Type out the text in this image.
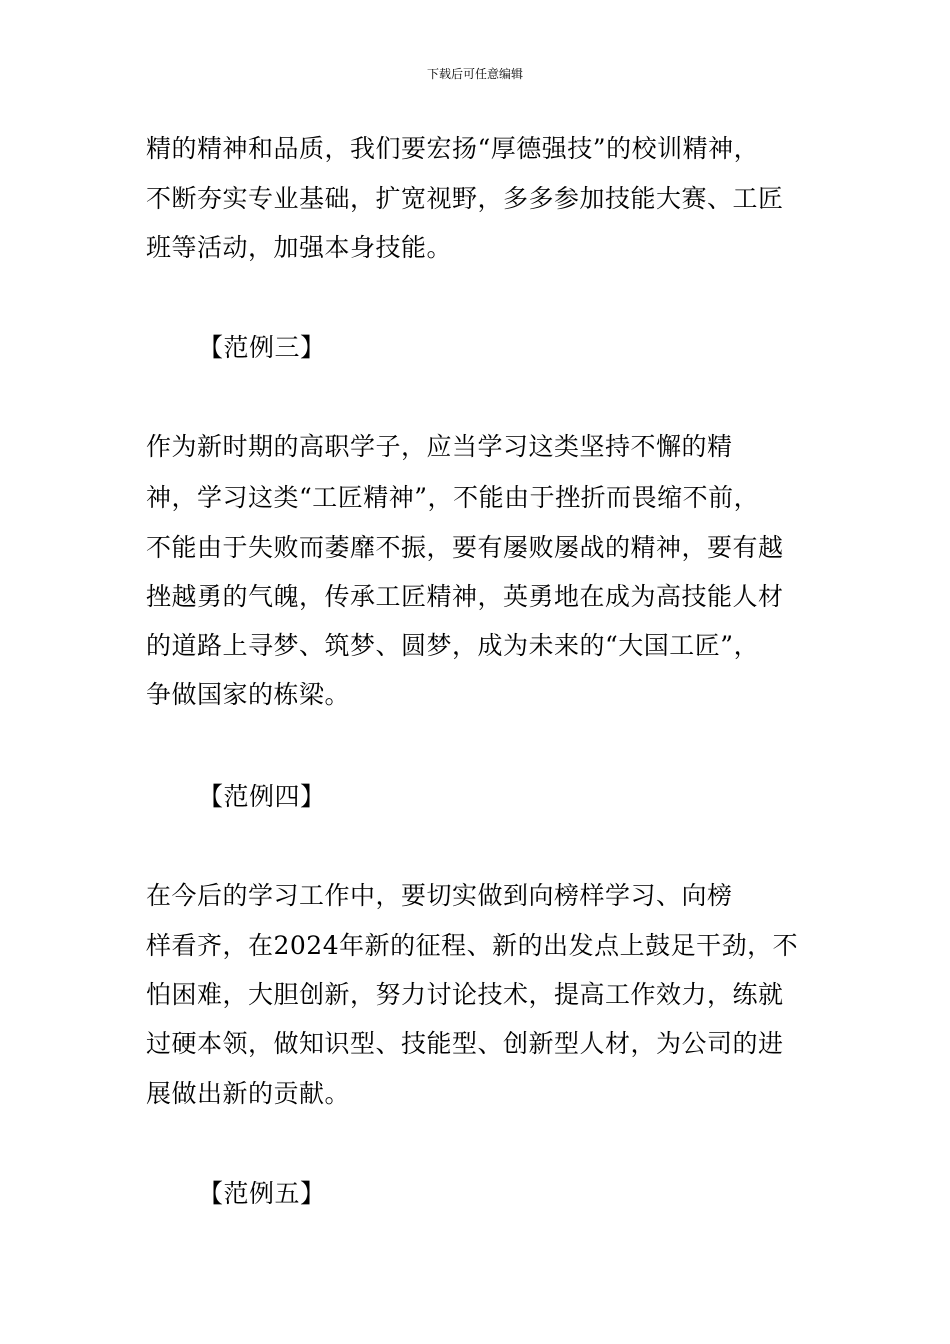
下载后可任意编辑
精的精神和品质，我们要宏扬“厚德强技”的校训精神，
不断夯实专业基础，扩宽视野，多多参加技能大赛、工匠
班等活动，加强本身技能。
【范例三】
作为新时期的高职学子，应当学习这类坚持不懈的精
神，学习这类“工匠精神”，不能由于挫折而畏缩不前，
不能由于失败而萎靡不振，要有屡败屡战的精神，要有越
挫越勇的气魄，传承工匠精神，英勇地在成为高技能人材
的道路上寻梦、筑梦、圆梦，成为未来的“大国工匠”，
争做国家的栋梁。
【范例四】
在今后的学习工作中，要切实做到向榜样学习、向榜
样看齐，在2024年新的征程、新的出发点上鼓足干劲，不
怕困难，大胆创新，努力讨论技术，提高工作效力，练就
过硬本领，做知识型、技能型、创新型人材，为公司的进
展做出新的贡献。
【范例五】
